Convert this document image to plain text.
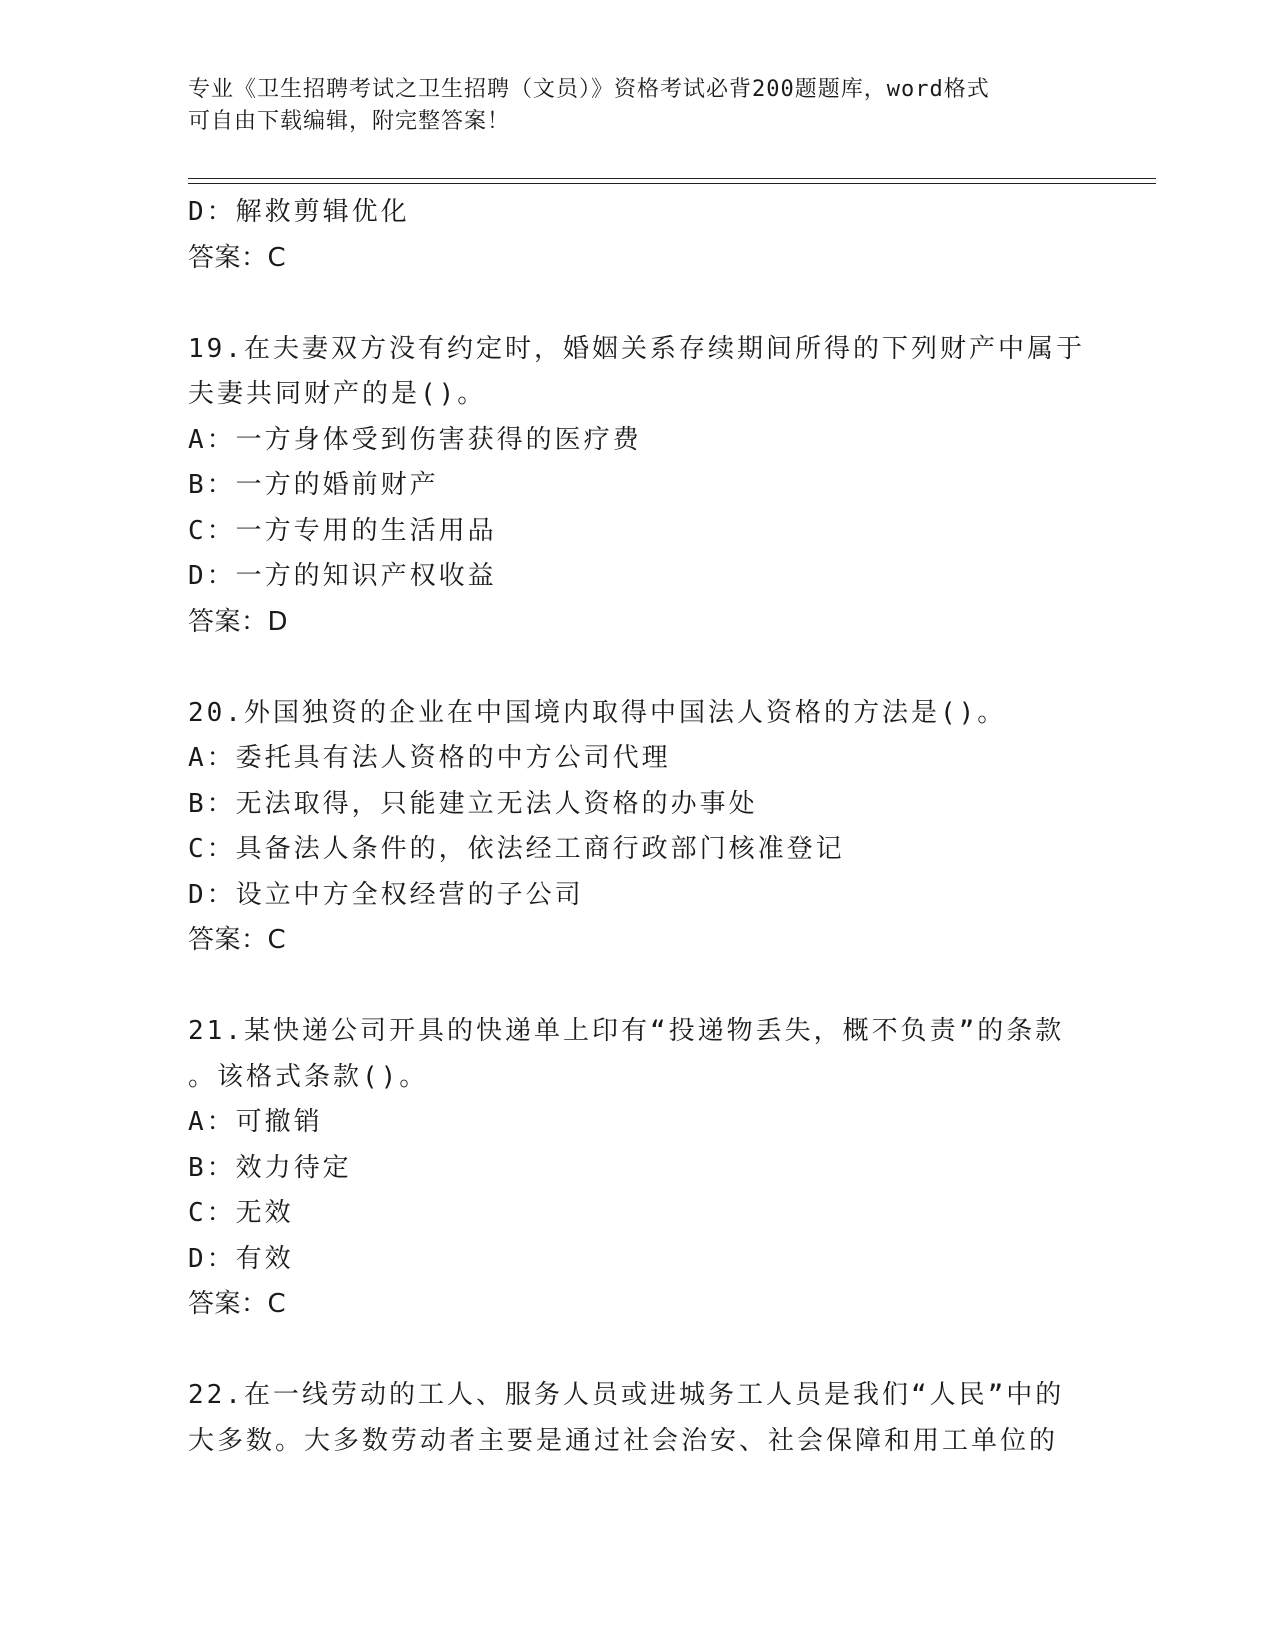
专业《卫生招聘考试之卫生招聘（文员）》资格考试必背200题题库，word格式
可自由下载编辑，附完整答案！
D：解救剪辑优化
答案：C
19.在夫妻双方没有约定时，婚姻关系存续期间所得的下列财产中属于
夫妻共同财产的是()。
A：一方身体受到伤害获得的医疗费
B：一方的婚前财产
C：一方专用的生活用品
D：一方的知识产权收益
答案：D
20.外国独资的企业在中国境内取得中国法人资格的方法是()。
A：委托具有法人资格的中方公司代理
B：无法取得，只能建立无法人资格的办事处
C：具备法人条件的，依法经工商行政部门核准登记
D：设立中方全权经营的子公司
答案：C
21.某快递公司开具的快递单上印有“投递物丢失，概不负责”的条款
。该格式条款()。
A：可撤销
B：效力待定
C：无效
D：有效
答案：C
22.在一线劳动的工人、服务人员或进城务工人员是我们“人民”中的
大多数。大多数劳动者主要是通过社会治安、社会保障和用工单位的
